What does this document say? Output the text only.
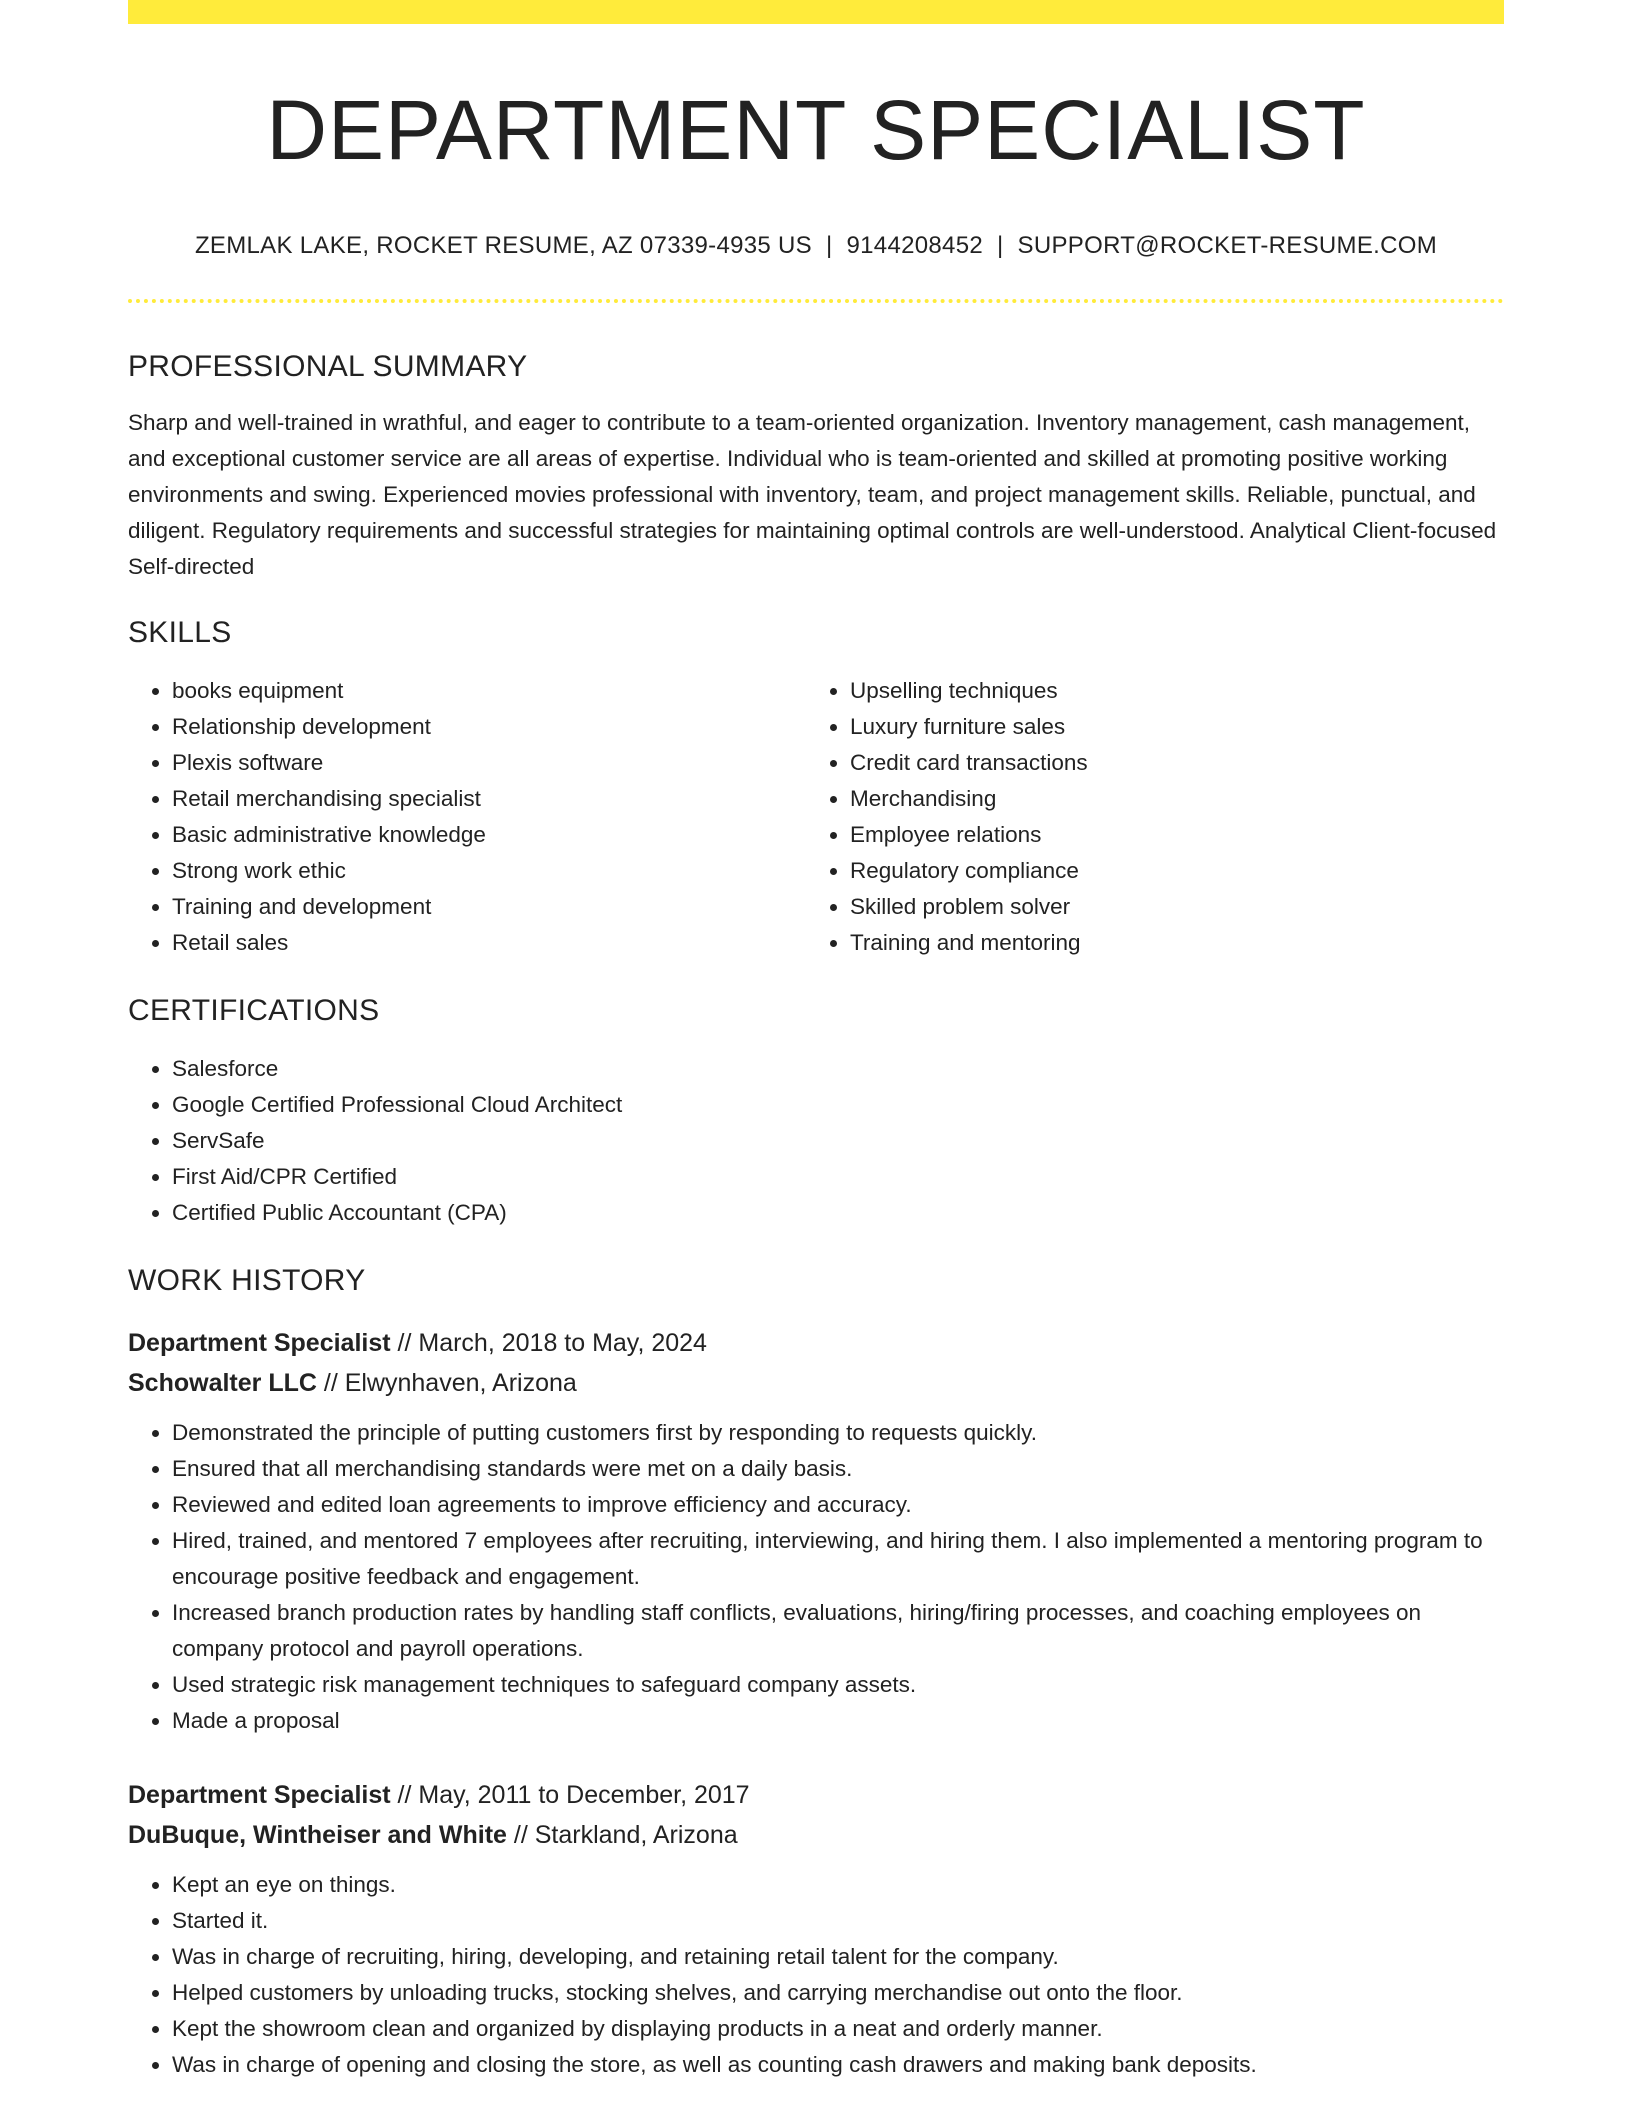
DEPARTMENT SPECIALIST
ZEMLAK LAKE, ROCKET RESUME, AZ 07339-4935 US | 9144208452 | SUPPORT@ROCKET-RESUME.COM
PROFESSIONAL SUMMARY

Sharp and well-trained in wrathful, and eager to contribute to a team-oriented organization. Inventory management, cash management, and exceptional customer service are all areas of expertise. Individual who is team-oriented and skilled at promoting positive working environments and swing. Experienced movies professional with inventory, team, and project management skills. Reliable, punctual, and diligent. Regulatory requirements and successful strategies for maintaining optimal controls are well-understood. Analytical Client-focused Self-directed

SKILLS
• books equipment
• Relationship development
• Plexis software
• Retail merchandising specialist
• Basic administrative knowledge
• Strong work ethic
• Training and development
• Retail sales
• Upselling techniques
• Luxury furniture sales
• Credit card transactions
• Merchandising
• Employee relations
• Regulatory compliance
• Skilled problem solver
• Training and mentoring
CERTIFICATIONS
• Salesforce
• Google Certified Professional Cloud Architect
• ServSafe
• First Aid/CPR Certified
• Certified Public Accountant (CPA)
WORK HISTORY
Department Specialist // March, 2018 to May, 2024
Schowalter LLC // Elwynhaven, Arizona
• Demonstrated the principle of putting customers first by responding to requests quickly.
• Ensured that all merchandising standards were met on a daily basis.
• Reviewed and edited loan agreements to improve efficiency and accuracy.
• Hired, trained, and mentored 7 employees after recruiting, interviewing, and hiring them. I also implemented a mentoring program to encourage positive feedback and engagement.
• Increased branch production rates by handling staff conflicts, evaluations, hiring/firing processes, and coaching employees on company protocol and payroll operations.
• Used strategic risk management techniques to safeguard company assets.
• Made a proposal
Department Specialist // May, 2011 to December, 2017
DuBuque, Wintheiser and White // Starkland, Arizona
• Kept an eye on things.
• Started it.
• Was in charge of recruiting, hiring, developing, and retaining retail talent for the company.
• Helped customers by unloading trucks, stocking shelves, and carrying merchandise out onto the floor.
• Kept the showroom clean and organized by displaying products in a neat and orderly manner.
• Was in charge of opening and closing the store, as well as counting cash drawers and making bank deposits.
